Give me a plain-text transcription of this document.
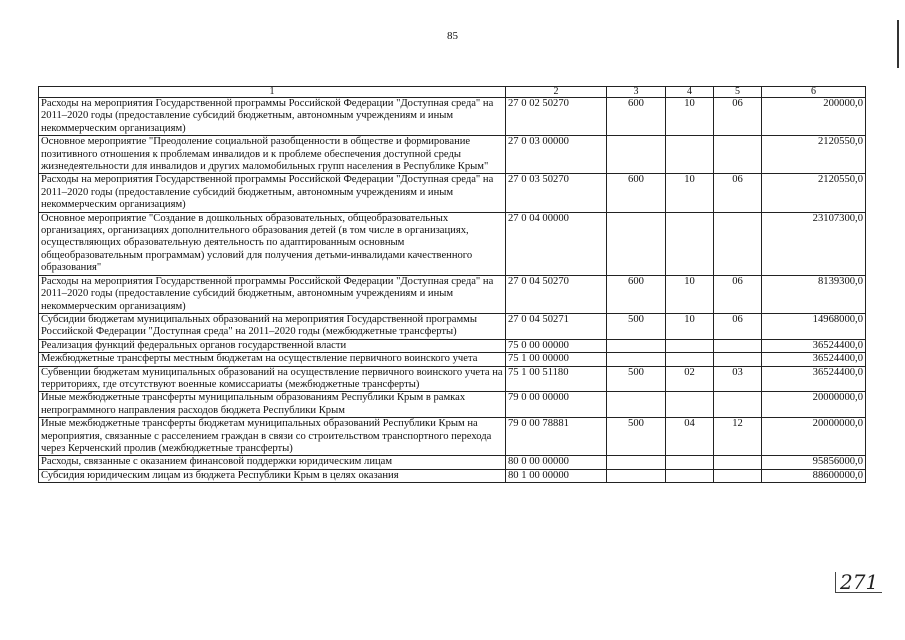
85
1	2	3	4	5	6
Расходы на мероприятия Государственной программы Российской Федерации "Доступная среда" на 2011–2020 годы (предоставление субсидий бюджетным, автономным учреждениям и иным некоммерческим организациям)	27 0 02 50270	600	10	06	200000,0
Основное мероприятие "Преодоление социальной разобщенности в обществе и формирование позитивного отношения к проблемам инвалидов и к проблеме обеспечения доступной среды жизнедеятельности для инвалидов и других маломобильных групп населения в Республике Крым"	27 0 03 00000				2120550,0
Расходы на мероприятия Государственной программы Российской Федерации "Доступная среда" на 2011–2020 годы (предоставление субсидий бюджетным, автономным учреждениям и иным некоммерческим организациям)	27 0 03 50270	600	10	06	2120550,0
Основное мероприятие "Создание в дошкольных образовательных, общеобразовательных организациях, организациях дополнительного образования детей (в том числе в организациях, осуществляющих образовательную деятельность по адаптированным основным общеобразовательным программам) условий для получения детьми-инвалидами качественного образования"	27 0 04 00000				23107300,0
Расходы на мероприятия Государственной программы Российской Федерации "Доступная среда" на 2011–2020 годы (предоставление субсидий бюджетным, автономным учреждениям и иным некоммерческим организациям)	27 0 04 50270	600	10	06	8139300,0
Субсидии бюджетам муниципальных образований на мероприятия Государственной программы Российской Федерации "Доступная среда" на 2011–2020 годы (межбюджетные трансферты)	27 0 04 50271	500	10	06	14968000,0
Реализация функций федеральных органов государственной власти	75 0 00 00000				36524400,0
Межбюджетные трансферты местным бюджетам на осуществление первичного воинского учета	75 1 00 00000				36524400,0
Субвенции бюджетам муниципальных образований на осуществление первичного воинского учета на территориях, где отсутствуют военные комиссариаты (межбюджетные трансферты)	75 1 00 51180	500	02	03	36524400,0
Иные межбюджетные трансферты муниципальным образованиям Республики Крым в рамках непрограммного направления расходов бюджета Республики Крым	79 0 00 00000				20000000,0
Иные межбюджетные трансферты бюджетам муниципальных образований Республики Крым на мероприятия, связанные с расселением граждан в связи со строительством транспортного перехода через Керченский пролив (межбюджетные трансферты)	79 0 00 78881	500	04	12	20000000,0
Расходы, связанные с оказанием финансовой поддержки юридическим лицам	80 0 00 00000				95856000,0
Субсидия юридическим лицам из бюджета Республики Крым в целях оказания	80 1 00 00000				88600000,0
271
